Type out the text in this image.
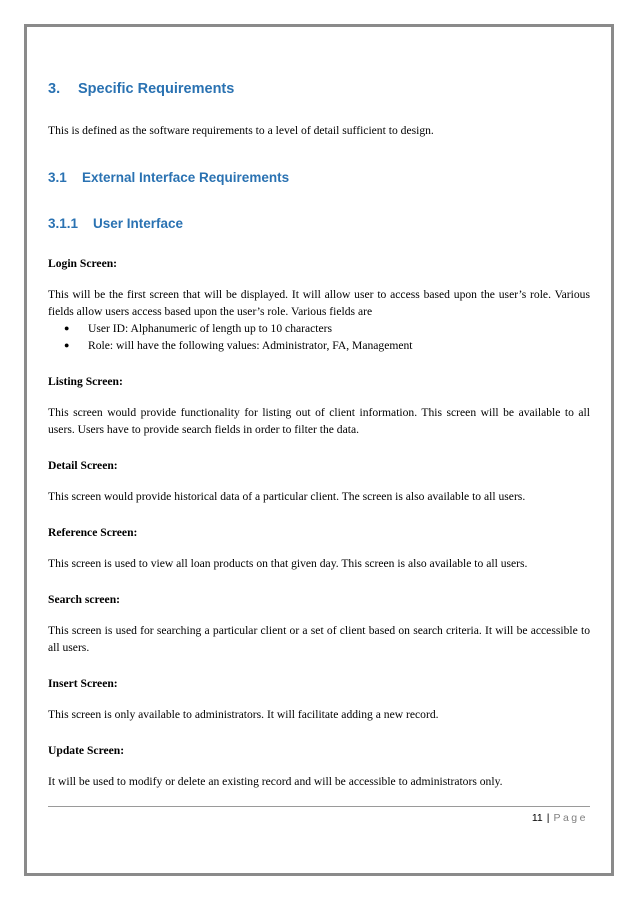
3. Specific Requirements

This is defined as the software requirements to a level of detail sufficient to design.

3.1 External Interface Requirements
3.1.1 User Interface
Login Screen:

This will be the first screen that will be displayed. It will allow user to access based upon the user’s role. Various fields allow users access based upon the user’s role. Various fields are

● User ID: Alphanumeric of length up to 10 characters
● Role: will have the following values: Administrator, FA, Management
Listing Screen:

This screen would provide functionality for listing out of client information. This screen will be available to all users. Users have to provide search fields in order to filter the data.

Detail Screen:

This screen would provide historical data of a particular client. The screen is also available to all users.

Reference Screen:

This screen is used to view all loan products on that given day. This screen is also available to all users.

Search screen:

This screen is used for searching a particular client or a set of client based on search criteria. It will be accessible to all users.

Insert Screen:

This screen is only available to administrators. It will facilitate adding a new record.

Update Screen:

It will be used to modify or delete an existing record and will be accessible to administrators only.

11 | Page
